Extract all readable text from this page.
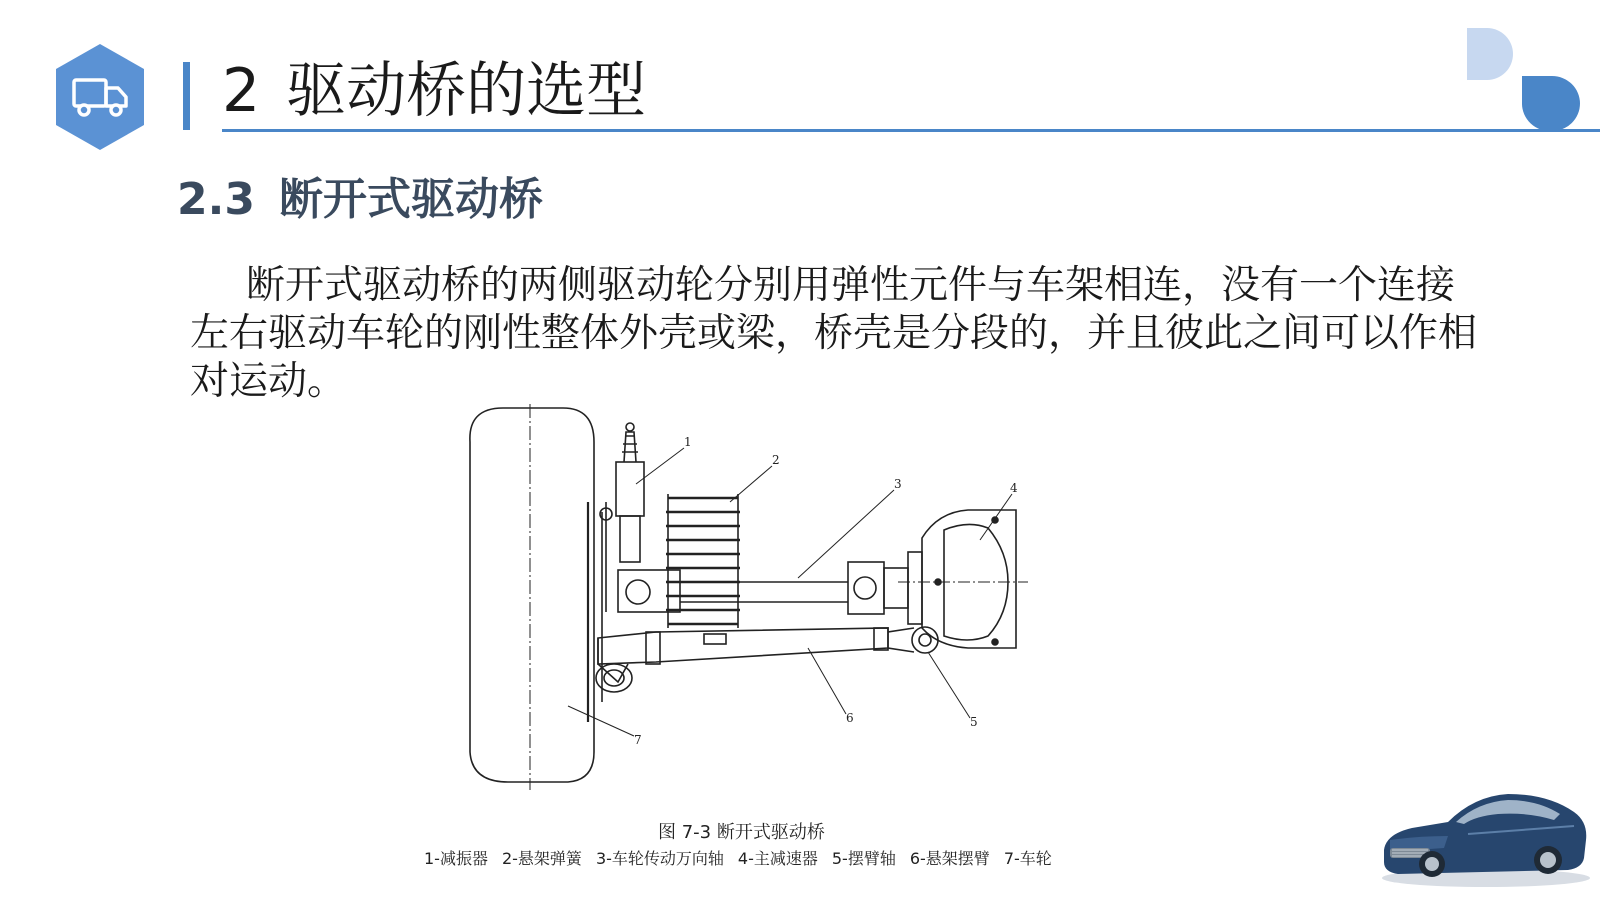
2 驱动桥的选型
2.3 断开式驱动桥

断开式驱动桥的两侧驱动轮分别用弹性元件与车架相连，没有一个连接左右驱动车轮的刚性整体外壳或梁，桥壳是分段的，并且彼此之间可以作相对运动。

1
2
3	4
5
6
7
图 7-3 断开式驱动桥
1-减振器 2-悬架弹簧 3-车轮传动万向轴 4-主减速器 5-摆臂轴 6-悬架摆臂 7-车轮
